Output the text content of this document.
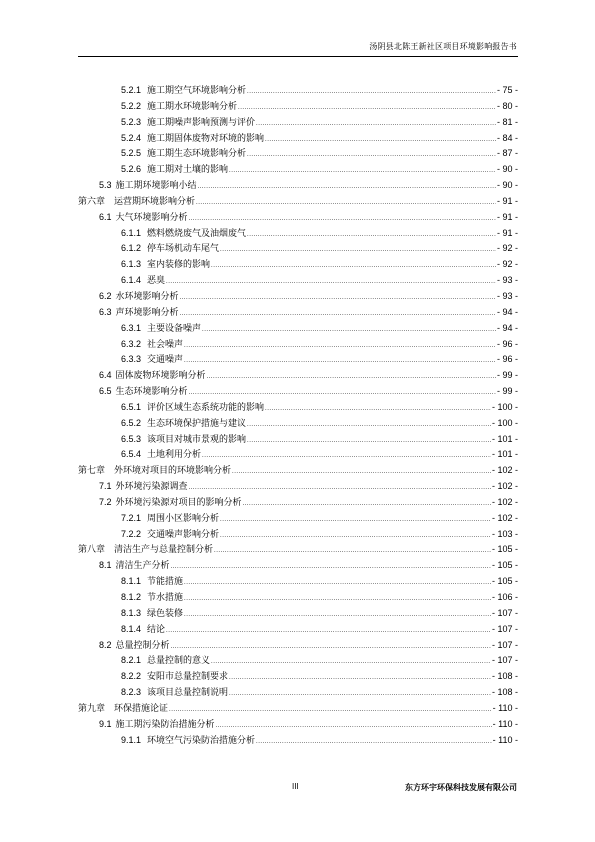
汤阴县北陈王新社区项目环境影响报告书
5.2.1 施工期空气环境影响分析 .....	- 75 -
5.2.2 施工期水环境影响分析 .....	- 80 -
5.2.3 施工期噪声影响预测与评价 .....	- 81 -
5.2.4 施工期固体废物对环境的影响 .....	- 84 -
5.2.5 施工期生态环境影响分析 .....	- 87 -
5.2.6 施工期对土壤的影响 .....	- 90 -
5.3 施工期环境影响小结 .....	- 90 -
第六章 运营期环境影响分析 .....	- 91 -
6.1 大气环境影响分析 .....	- 91 -
6.1.1 燃料燃烧废气及油烟废气 .....	- 91 -
6.1.2 停车场机动车尾气 .....	- 92 -
6.1.3 室内装修的影响 .....	- 92 -
6.1.4 恶臭 .....	- 93 -
6.2 水环境影响分析 .....	- 93 -
6.3 声环境影响分析 .....	- 94 -
6.3.1 主要设备噪声 .....	- 94 -
6.3.2 社会噪声 .....	- 96 -
6.3.3 交通噪声 .....	- 96 -
6.4 固体废物环境影响分析 .....	- 99 -
6.5 生态环境影响分析 .....	- 99 -
6.5.1 评价区域生态系统功能的影响 .....	- 100 -
6.5.2 生态环境保护措施与建议 .....	- 100 -
6.5.3 该项目对城市景观的影响 .....	- 101 -
6.5.4 土地利用分析 .....	- 101 -
第七章 外环境对项目的环境影响分析 .....	- 102 -
7.1 外环境污染源调查 .....	- 102 -
7.2 外环境污染源对项目的影响分析 .....	- 102 -
7.2.1 周围小区影响分析 .....	- 102 -
7.2.2 交通噪声影响分析 .....	- 103 -
第八章 清洁生产与总量控制分析 .....	- 105 -
8.1 清洁生产分析 .....	- 105 -
8.1.1 节能措施 .....	- 105 -
8.1.2 节水措施 .....	- 106 -
8.1.3 绿色装修 .....	- 107 -
8.1.4 结论 .....	- 107 -
8.2 总量控制分析 .....	- 107 -
8.2.1 总量控制的意义 .....	- 107 -
8.2.2 安阳市总量控制要求 .....	- 108 -
8.2.3 该项目总量控制说明 .....	- 108 -
第九章 环保措施论证 .....	- 110 -
9.1 施工期污染防治措施分析 .....	- 110 -
9.1.1 环境空气污染防治措施分析 .....	- 110 -
III	东方环宇环保科技发展有限公司
